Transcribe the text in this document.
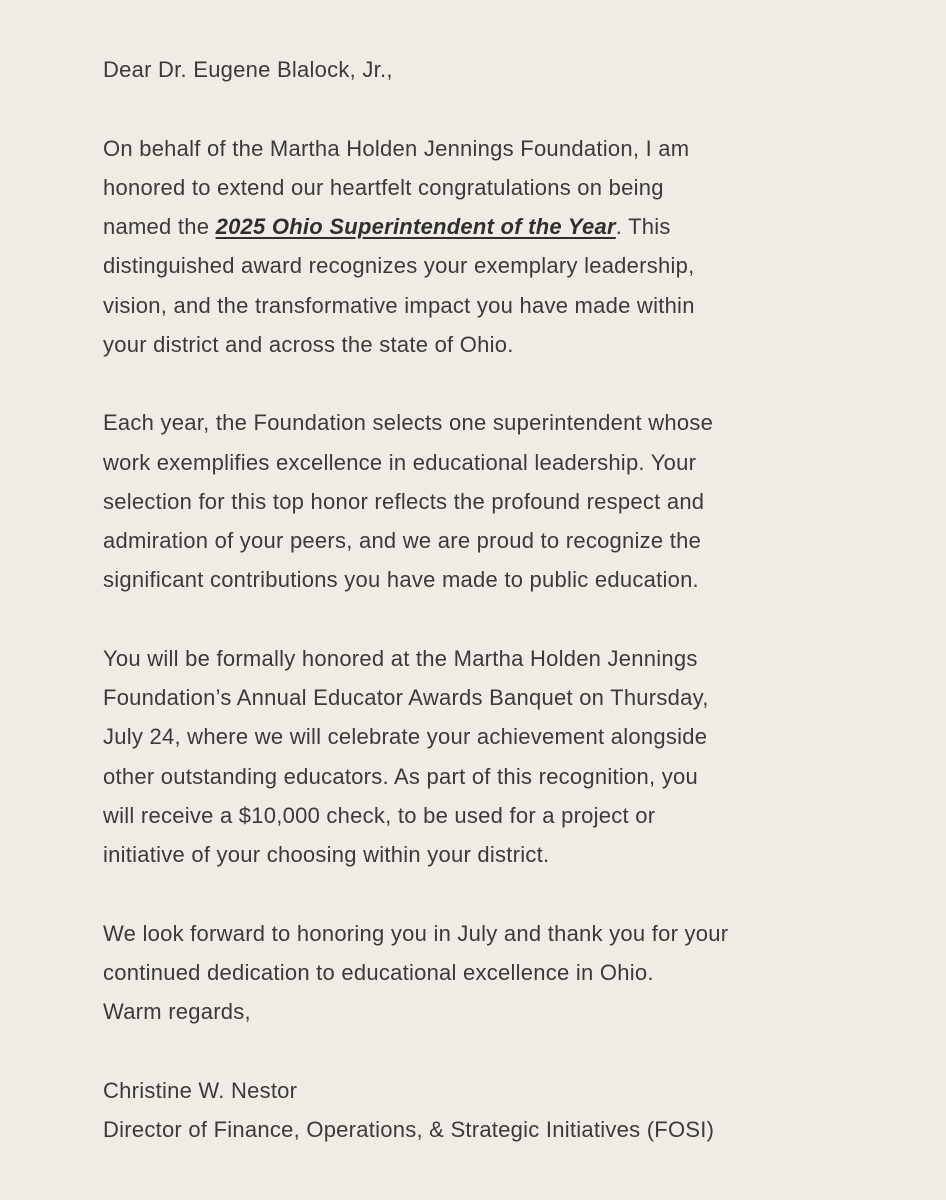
Dear Dr. Eugene Blalock, Jr.,
On behalf of the Martha Holden Jennings Foundation, I am
honored to extend our heartfelt congratulations on being
named the 2025 Ohio Superintendent of the Year. This
distinguished award recognizes your exemplary leadership,
vision, and the transformative impact you have made within
your district and across the state of Ohio.
Each year, the Foundation selects one superintendent whose
work exemplifies excellence in educational leadership. Your
selection for this top honor reflects the profound respect and
admiration of your peers, and we are proud to recognize the
significant contributions you have made to public education.
You will be formally honored at the Martha Holden Jennings
Foundation’s Annual Educator Awards Banquet on Thursday,
July 24, where we will celebrate your achievement alongside
other outstanding educators. As part of this recognition, you
will receive a $10,000 check, to be used for a project or
initiative of your choosing within your district.
We look forward to honoring you in July and thank you for your
continued dedication to educational excellence in Ohio.
Warm regards,
Christine W. Nestor
Director of Finance, Operations, & Strategic Initiatives (FOSI)
